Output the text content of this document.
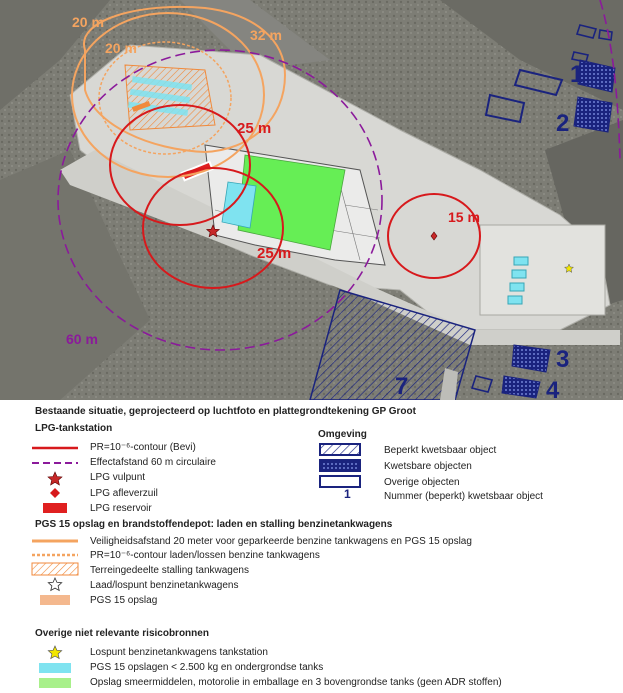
25 m
25 m
15 m
60 m
20 m
20 m
32 m
1
2
3
4
7
Bestaande situatie, geprojecteerd op luchtfoto en plattegrondtekening GP Groot
LPG-tankstation
PR=10⁻⁶-contour (Bevi)
Effectafstand 60 m circulaire
LPG vulpunt
LPG afleverzuil
LPG reservoir
Omgeving
1
Beperkt kwetsbaar object
Kwetsbare objecten
Overige objecten
Nummer (beperkt) kwetsbaar object
PGS 15 opslag en brandstoffendepot: laden en stalling benzinetankwagens
Veiligheidsafstand 20 meter voor geparkeerde benzine tankwagens en PGS 15 opslag
PR=10⁻⁶-contour laden/lossen benzine tankwagens
Terreingedeelte stalling tankwagens
Laad/lospunt benzinetankwagens
PGS 15 opslag
Overige niet relevante risicobronnen
Lospunt benzinetankwagens tankstation
PGS 15 opslagen < 2.500 kg en ondergrondse tanks
Opslag smeermiddelen, motorolie in emballage en 3 bovengrondse tanks (geen ADR stoffen)
